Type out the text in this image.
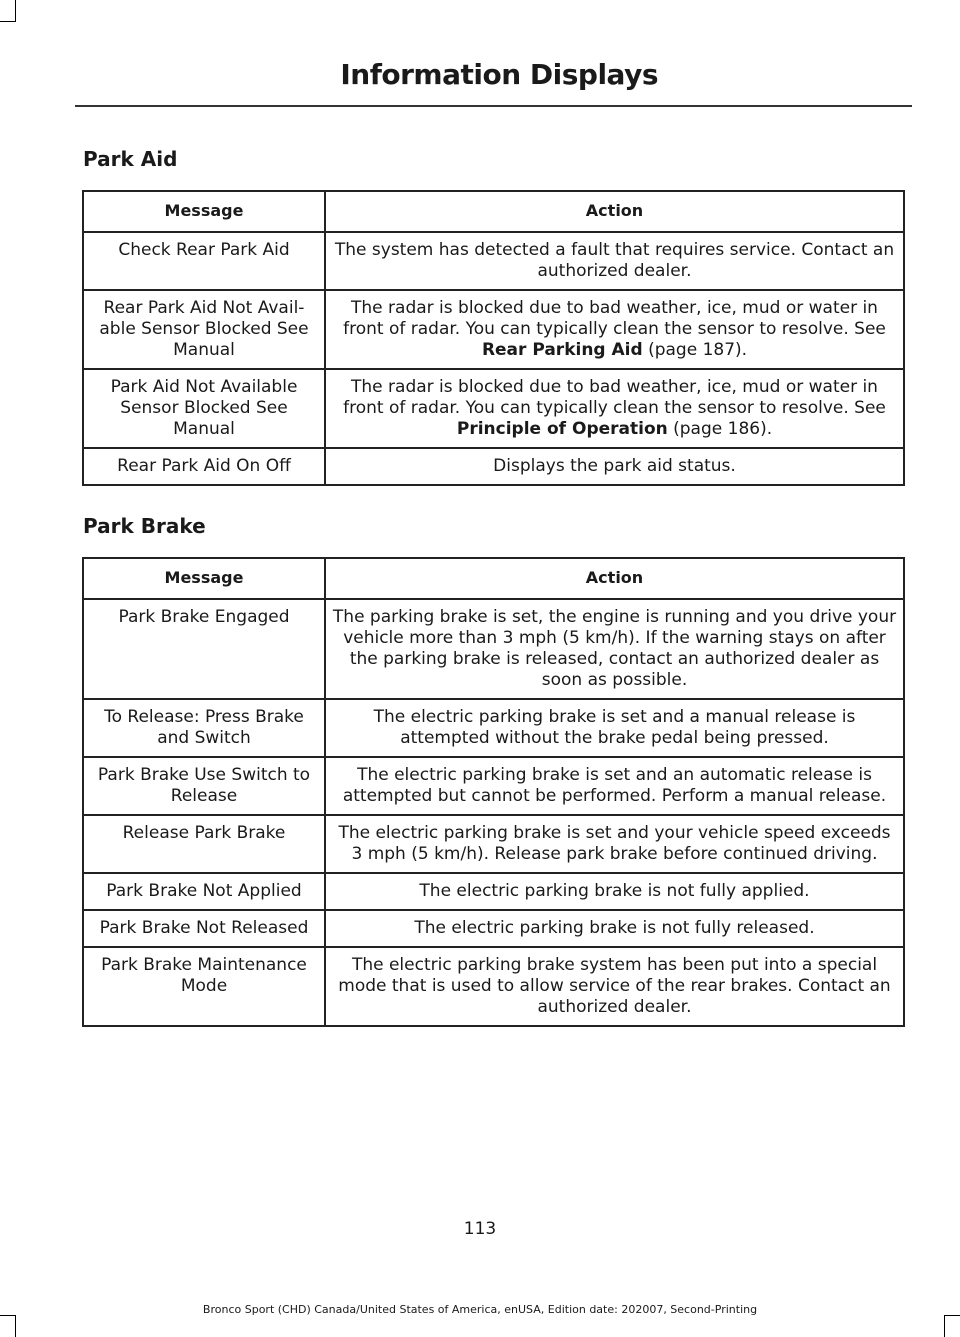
Information Displays
Park Aid
Message	Action
Check Rear Park Aid	The system has detected a fault that requires service. Contact an authorized dealer.
Rear Park Aid Not Avail-able Sensor Blocked See Manual	The radar is blocked due to bad weather, ice, mud or water in front of radar. You can typically clean the sensor to resolve. See Rear Parking Aid (page 187).
Park Aid Not Available Sensor Blocked See Manual	The radar is blocked due to bad weather, ice, mud or water in front of radar. You can typically clean the sensor to resolve. See Principle of Operation (page 186).
Rear Park Aid On Off	Displays the park aid status.
Park Brake
Message	Action
Park Brake Engaged	The parking brake is set, the engine is running and you drive your vehicle more than 3 mph (5 km/h). If the warning stays on after the parking brake is released, contact an authorized dealer as soon as possible.
To Release: Press Brake and Switch	The electric parking brake is set and a manual release is attempted without the brake pedal being pressed.
Park Brake Use Switch to Release	The electric parking brake is set and an automatic release is attempted but cannot be performed. Perform a manual release.
Release Park Brake	The electric parking brake is set and your vehicle speed exceeds 3 mph (5 km/h). Release park brake before continued driving.
Park Brake Not Applied	The electric parking brake is not fully applied.
Park Brake Not Released	The electric parking brake is not fully released.
Park Brake Maintenance Mode	The electric parking brake system has been put into a special mode that is used to allow service of the rear brakes. Contact an authorized dealer.
113
Bronco Sport (CHD) Canada/United States of America, enUSA, Edition date: 202007, Second-Printing
